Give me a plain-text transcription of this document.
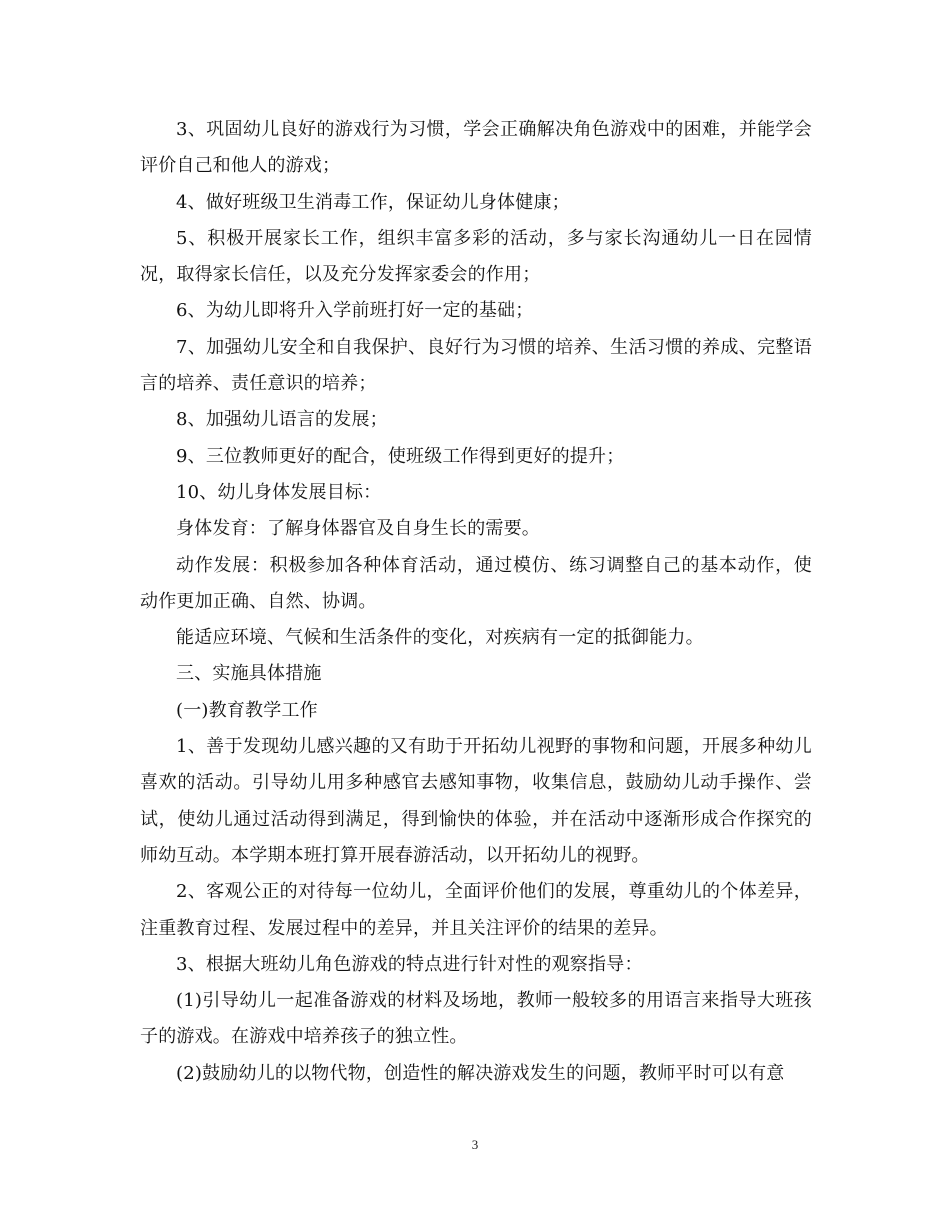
3、巩固幼儿良好的游戏行为习惯，学会正确解决角色游戏中的困难，并能学会评价自己和他人的游戏；

4、做好班级卫生消毒工作，保证幼儿身体健康；

5、积极开展家长工作，组织丰富多彩的活动，多与家长沟通幼儿一日在园情况，取得家长信任，以及充分发挥家委会的作用；

6、为幼儿即将升入学前班打好一定的基础；

7、加强幼儿安全和自我保护、良好行为习惯的培养、生活习惯的养成、完整语言的培养、责任意识的培养；

8、加强幼儿语言的发展；

9、三位教师更好的配合，使班级工作得到更好的提升；

10、幼儿身体发展目标：

身体发育：了解身体器官及自身生长的需要。

动作发展：积极参加各种体育活动，通过模仿、练习调整自己的基本动作，使动作更加正确、自然、协调。

能适应环境、气候和生活条件的变化，对疾病有一定的抵御能力。

三、实施具体措施

(一)教育教学工作

1、善于发现幼儿感兴趣的又有助于开拓幼儿视野的事物和问题，开展多种幼儿喜欢的活动。引导幼儿用多种感官去感知事物，收集信息，鼓励幼儿动手操作、尝试，使幼儿通过活动得到满足，得到愉快的体验，并在活动中逐渐形成合作探究的师幼互动。本学期本班打算开展春游活动，以开拓幼儿的视野。

2、客观公正的对待每一位幼儿，全面评价他们的发展，尊重幼儿的个体差异，注重教育过程、发展过程中的差异，并且关注评价的结果的差异。

3、根据大班幼儿角色游戏的特点进行针对性的观察指导：

(1)引导幼儿一起准备游戏的材料及场地，教师一般较多的用语言来指导大班孩子的游戏。在游戏中培养孩子的独立性。

(2)鼓励幼儿的以物代物，创造性的解决游戏发生的问题，教师平时可以有意

3
